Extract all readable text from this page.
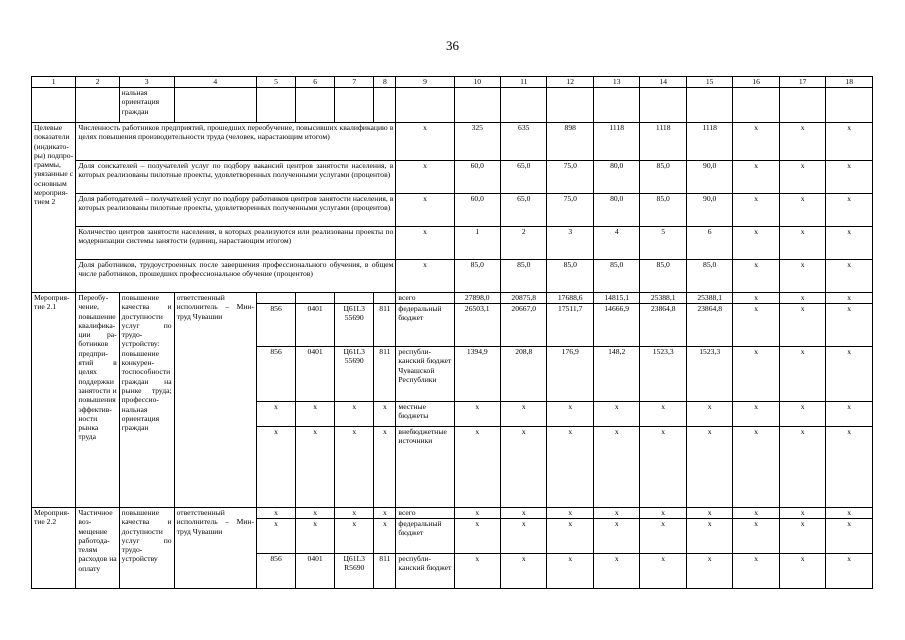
36
1	2	3	4	5	6	7	8	9	10	11	12	13	14	15	16	17	18
		нальная ориентация граждан															
Целевые показатели (индикаторы) подпрограммы, увязанные с основным мероприятием 2	Численность работников предприятий, прошедших переобучение, повысивших квалификацию в целях повышения производительности труда (человек, нарастающим итогом)							х	325	635	898	1118	1118	1118	х	х	х
	Доля соискателей – получателей услуг по подбору вакансий центров занятости населения, в которых реализованы пилотные проекты, удовлетворенных полученными услугами (процентов)							х	60,0	65,0	75,0	80,0	85,0	90,0	х	х	х
	Доля работодателей – получателей услуг по подбору работников центров занятости населения, в которых реализованы пилотные проекты, удовлетворенных полученными услугами (процентов)							х	60,0	65,0	75,0	80,0	85,0	90,0	х	х	х
	Количество центров занятости населения, в которых реализуются или реализованы проекты по модернизации системы занятости (единиц, нарастающим итогом)							х	1	2	3	4	5	6	х	х	х
	Доля работников, трудоустроенных после завершения профессионального обучения, в общем числе работников, прошедших профессиональное обучение (процентов)							х	85,0	85,0	85,0	85,0	85,0	85,0	х	х	х
Мероприятие 2.1	Переобучение, повышение квалификации работников предприятий в целях поддержки занятости и повышения эффективности рынка труда	повышение качества и доступности услуг по трудоустройству: повышение конкурентоспособности граждан на рынке труда; профессиональная ориентация граждан	ответственный исполнитель – Минтруд Чувашии					всего	27898,0	20875,8	17688,6	14815,1	25388,1	25388,1	х	х	х
				856	0401	Ц61L3 55690	811	федеральный бюджет	26503,1	20667,0	17511,7	14666,9	23864,8	23864,8	х	х	х
				856	0401	Ц61L3 55690	811	республиканский бюджет Чувашской Республики	1394,9	208,8	176,9	148,2	1523,3	1523,3	х	х	х
				х	х	х	х	местные бюджеты	х	х	х	х	х	х	х	х	х
				х	х	х	х	внебюджетные источники	х	х	х	х	х	х	х	х	х
Мероприятие 2.2	Частичное возмещение работодателям расходов на оплату	повышение качества и доступности услуг по трудоустройству	ответственный исполнитель – Минтруд Чувашии	х	х	х	х	всего	х	х	х	х	х	х	х	х	х
				х	х	х	х	федеральный бюджет	х	х	х	х	х	х	х	х	х
				856	0401	Ц61L3 R5690	811	республиканский бюджет	х	х	х	х	х	х	х	х	х
